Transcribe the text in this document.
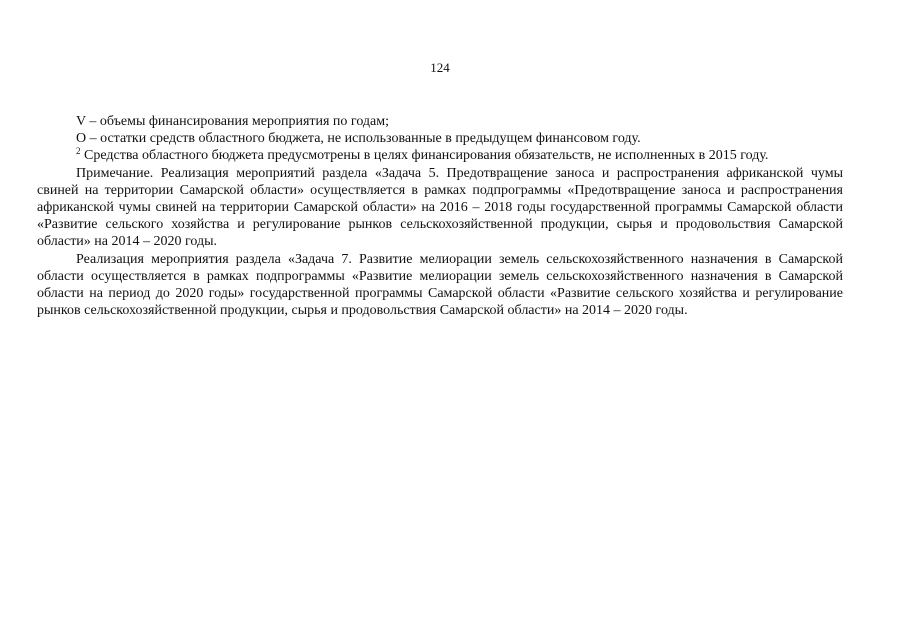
124

V – объемы финансирования мероприятия по годам;

О – остатки средств областного бюджета, не использованные в предыдущем финансовом году.

$^2$ Средства областного бюджета предусмотрены в целях финансирования обязательств, не исполненных в 2015 году.

Примечание. Реализация мероприятий раздела «Задача 5. Предотвращение заноса и распространения африканской чумы свиней на территории Самарской области» осуществляется в рамках подпрограммы «Предотвращение заноса и распространения африканской чумы свиней на территории Самарской области» на 2016 – 2018 годы государственной программы Самарской области «Развитие сельского хозяйства и регулирование рынков сельскохозяйственной продукции, сырья и продовольствия Самарской области» на 2014 – 2020 годы.

Реализация мероприятия раздела «Задача 7. Развитие мелиорации земель сельскохозяйственного назначения в Самарской области осуществляется в рамках подпрограммы «Развитие мелиорации земель сельскохозяйственного назначения в Самарской области на период до 2020 годы» государственной программы Самарской области «Развитие сельского хозяйства и регулирование рынков сельскохозяйственной продукции, сырья и продовольствия Самарской области» на 2014 – 2020 годы.
